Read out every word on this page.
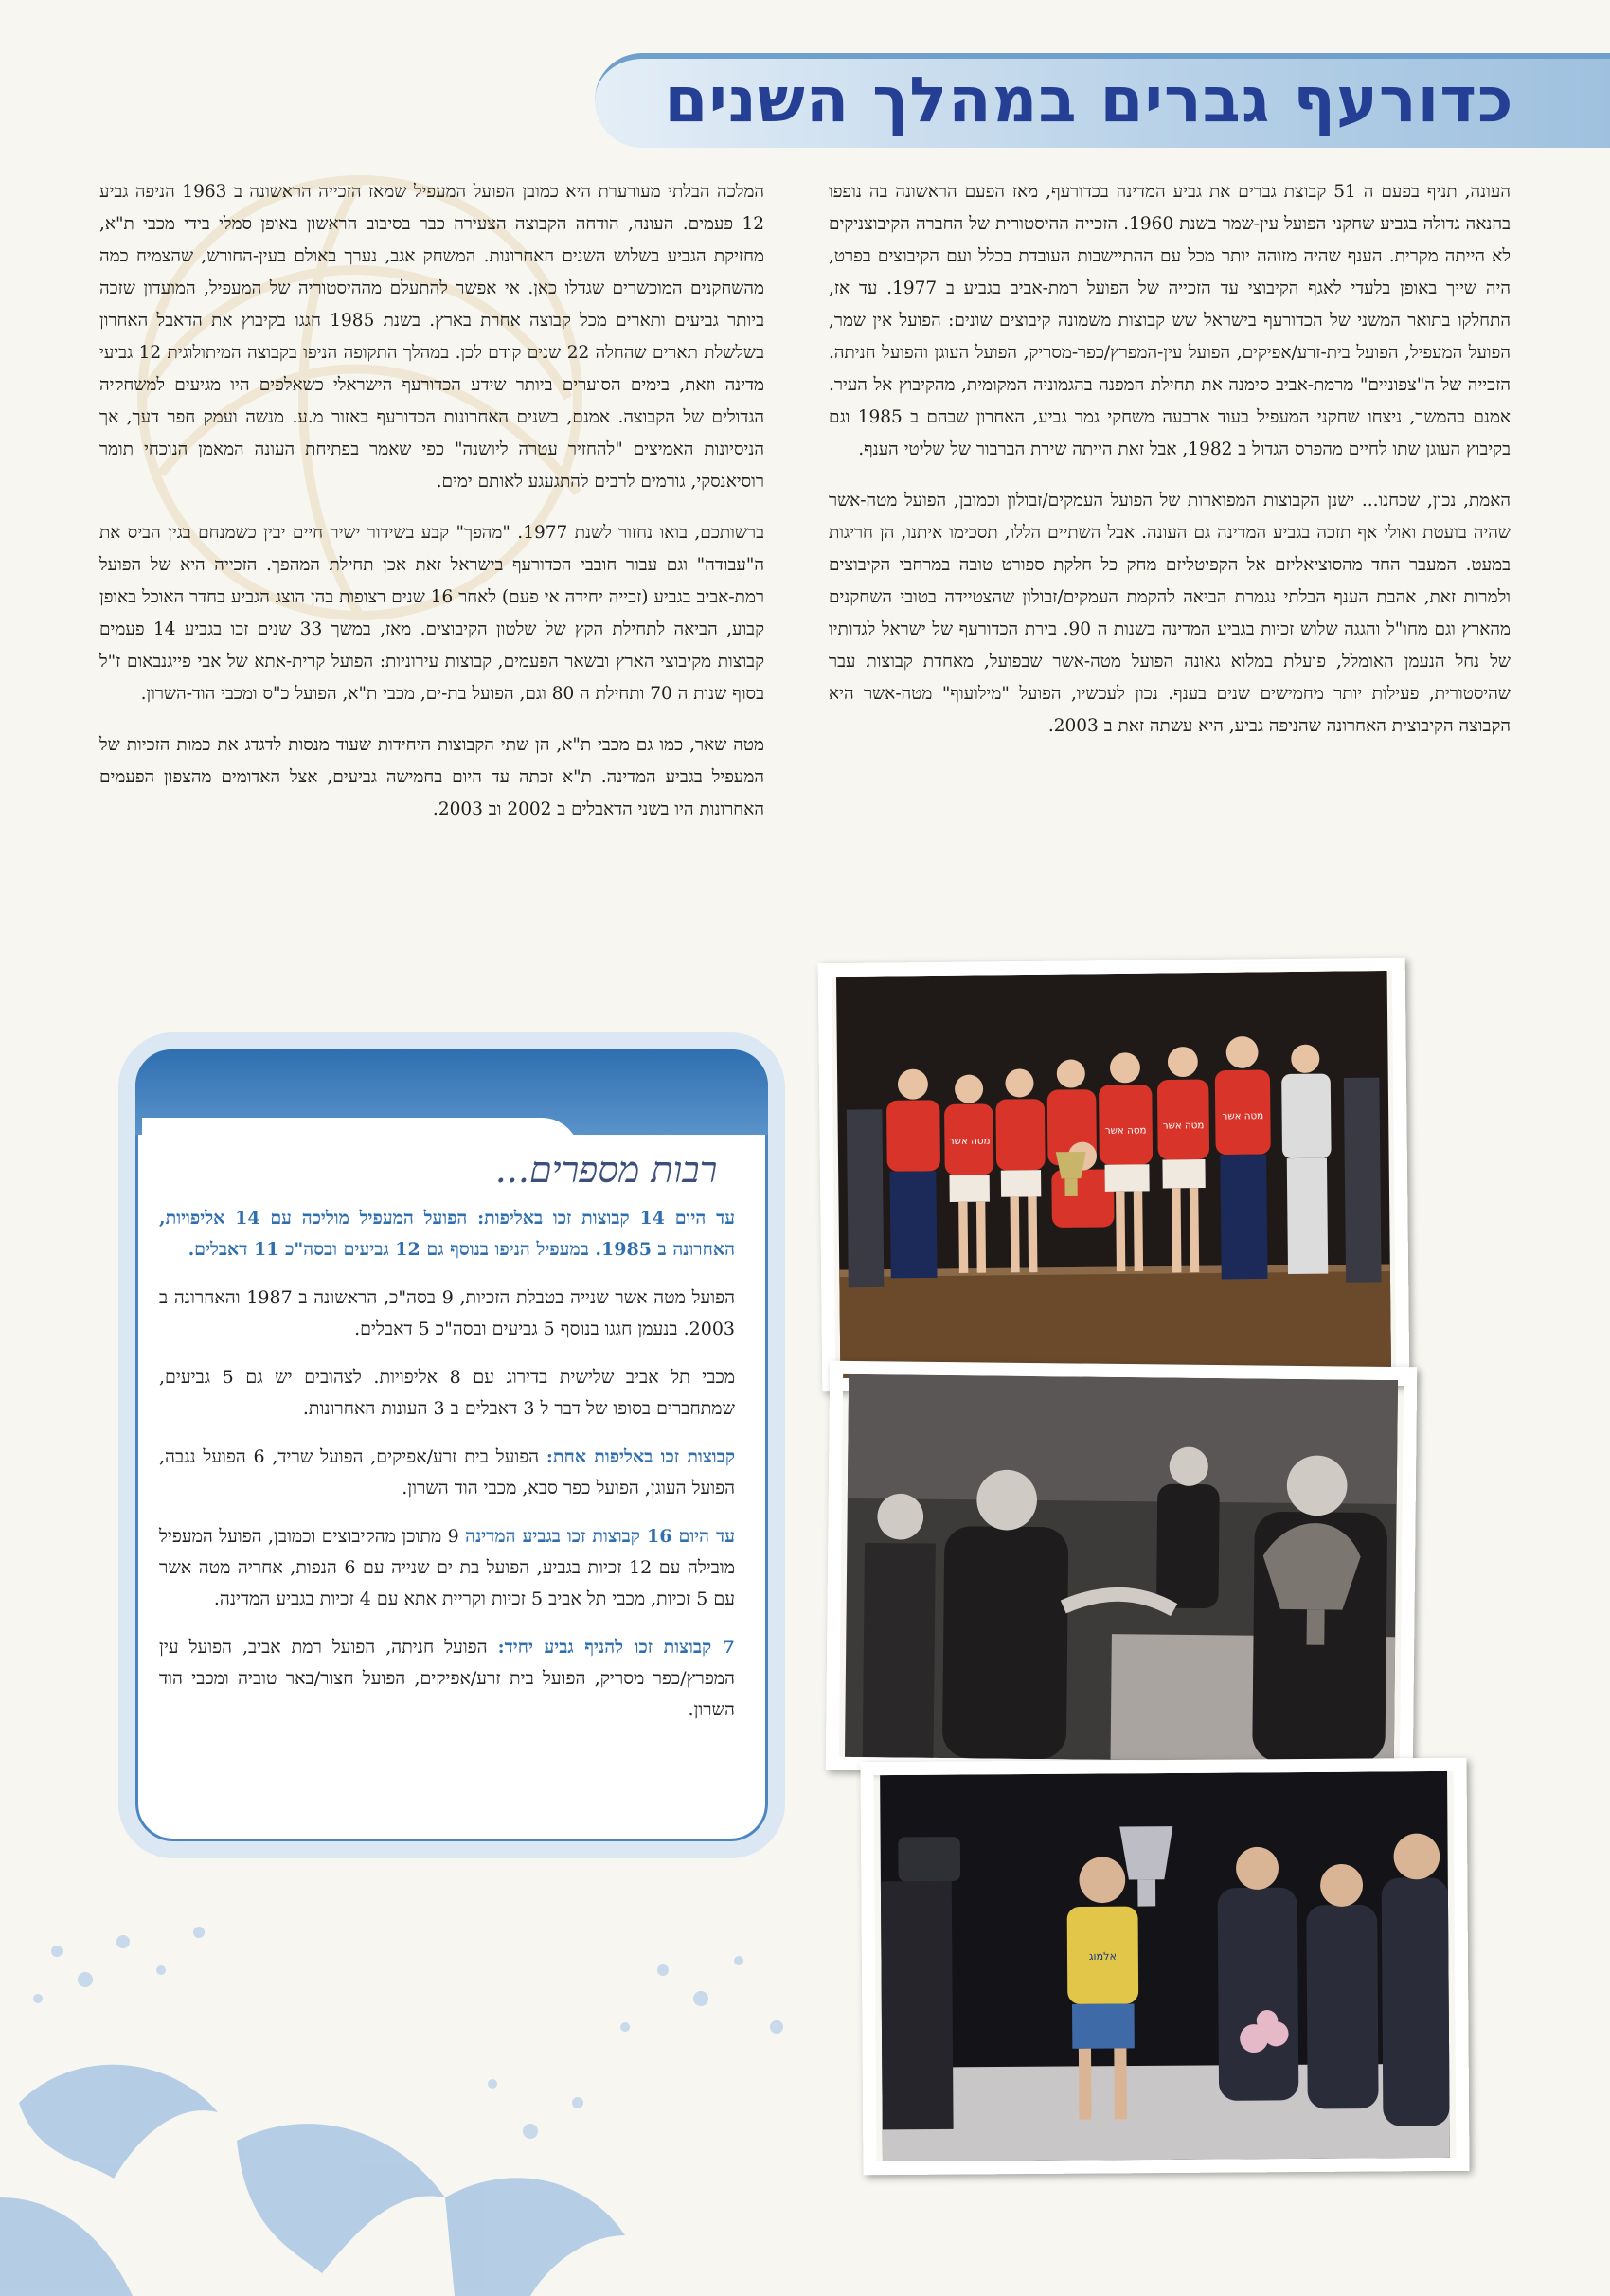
כדורעף גברים במהלך השנים

העונה, תניף בפעם ה 51 קבוצת גברים את גביע המדינה בכדורעף, מאז הפעם הראשונה בה נופפו בהנאה גדולה בגביע שחקני הפועל עין-שמר בשנת 1960. הזכייה ההיסטורית של החברה הקיבוצניקים לא הייתה מקרית. הענף שהיה מזוהה יותר מכל עם ההתיישבות העובדת בכלל ועם הקיבוצים בפרט, היה שייך באופן בלעדי לאגף הקיבוצי עד הזכייה של הפועל רמת-אביב בגביע ב 1977. עד אז, התחלקו בתואר המשני של הכדורעף בישראל שש קבוצות משמונה קיבוצים שונים: הפועל אין שמר, הפועל המעפיל, הפועל בית-זרע/אפיקים, הפועל עין-המפרץ/כפר-מסריק, הפועל העוגן והפועל חניתה. הזכייה של ה"צפוניים" מרמת-אביב סימנה את תחילת המפנה בהגמוניה המקומית, מהקיבוץ אל העיר. אמנם בהמשך, ניצחו שחקני המעפיל בעוד ארבעה משחקי גמר גביע, האחרון שבהם ב 1985 וגם בקיבוץ העוגן שתו לחיים מהפרס הגדול ב 1982, אבל זאת הייתה שירת הברבור של שליטי הענף.

האמת, נכון, שכחנו... ישנן הקבוצות המפוארות של הפועל העמקים/זבולון וכמובן, הפועל מטה-אשר שהיה בועטת ואולי אף תזכה בגביע המדינה גם העונה. אבל השתיים הללו, תסכימו איתנו, הן חריגות במעט. המעבר החד מהסוציאליזם אל הקפיטליזם מחק כל חלקת ספורט טובה במרחבי הקיבוצים ולמרות זאת, אהבת הענף הבלתי נגמרת הביאה להקמת העמקים/זבולון שהצטיידה בטובי השחקנים מהארץ וגם מחו"ל והגגה שלוש זכיות בגביע המדינה בשנות ה 90. בירת הכדורעף של ישראל לגדותיו של נחל הנעמן האומלל, פועלת במלוא גאונה הפועל מטה-אשר שבפועל, מאחדת קבוצות עבר שהיסטורית, פעילות יותר מחמישים שנים בענף. נכון לעכשיו, הפועל "מילועוף" מטה-אשר היא הקבוצה הקיבוצית האחרונה שהניפה גביע, היא עשתה זאת ב 2003.

המלכה הבלתי מעורערת היא כמובן הפועל המעפיל שמאז הזכייה הראשונה ב 1963 הניפה גביע 12 פעמים. העונה, הודחה הקבוצה הצעירה כבר בסיבוב הראשון באופן סמלי בידי מכבי ת"א, מחזיקת הגביע בשלוש השנים האחרונות. המשחק אגב, נערך באולם בעין-החורש, שהצמיח כמה מהשחקנים המוכשרים שגדלו כאן. אי אפשר להתעלם מההיסטוריה של המעפיל, המועדון שזכה ביותר גביעים ותארים מכל קבוצה אחרת בארץ. בשנת 1985 חגגו בקיבוץ את הדאבל האחרון בשלשלת תארים שהחלה 22 שנים קודם לכן. במהלך התקופה הניפו בקבוצה המיתולוגית 12 גביעי מדינה וזאת, בימים הסוערים ביותר שידע הכדורעף הישראלי כשאלפים היו מגיעים למשחקיה הגדולים של הקבוצה. אמנם, בשנים האחרונות הכדורעף באזור מ.ע. מנשה ועמק חפר דעך, אך הניסיונות האמיצים "להחזיר עטרה ליושנה" כפי שאמר בפתיחת העונה המאמן הנוכחי תומר רוסיאנסקי, גורמים לרבים להתגעגע לאותם ימים.

ברשותכם, בואו נחזור לשנת 1977. "מהפך" קבע בשידור ישיר חיים יבין כשמנחם בגין הביס את ה"עבודה" וגם עבור חובבי הכדורעף בישראל זאת אכן תחילת המהפך. הזכייה היא של הפועל רמת-אביב בגביע (זכייה יחידה אי פעם) לאחר 16 שנים רצופות בהן הוצג הגביע בחדר האוכל באופן קבוע, הביאה לתחילת הקץ של שלטון הקיבוצים. מאז, במשך 33 שנים זכו בגביע 14 פעמים קבוצות מקיבוצי הארץ ובשאר הפעמים, קבוצות עירוניות: הפועל קרית-אתא של אבי פייגנבאום ז"ל בסוף שנות ה 70 ותחילת ה 80 וגם, הפועל בת-ים, מכבי ת"א, הפועל כ"ס ומכבי הוד-השרון.

מטה שאר, כמו גם מכבי ת"א, הן שתי הקבוצות היחידות שעוד מנסות לדגדג את כמות הזכיות של המעפיל בגביע המדינה. ת"א זכתה עד היום בחמישה גביעים, אצל האדומים מהצפון הפעמים האחרונות היו בשני הדאבלים ב 2002 וב 2003.

רבות מספרים...

עד היום 14 קבוצות זכו באליפות: הפועל המעפיל מוליכה עם 14 אליפויות, האחרונה ב 1985. במעפיל הניפו בנוסף גם 12 גביעים ובסה"כ 11 דאבלים.

הפועל מטה אשר שנייה בטבלת הזכיות, 9 בסה"כ, הראשונה ב 1987 והאחרונה ב 2003. בנעמן חגגו בנוסף 5 גביעים ובסה"כ 5 דאבלים.

מכבי תל אביב שלישית בדירוג עם 8 אליפויות. לצהובים יש גם 5 גביעים, שמתחברים בסופו של דבר ל 3 דאבלים ב 3 העונות האחרונות.

קבוצות זכו באליפות אחת: הפועל בית זרע/אפיקים, הפועל שריד, 6 הפועל נגבה, הפועל העוגן, הפועל כפר סבא, מכבי הוד השרון.

עד היום 16 קבוצות זכו בגביע המדינה 9 מתוכן מהקיבוצים וכמובן, הפועל המעפיל מובילה עם 12 זכיות בגביע, הפועל בת ים שנייה עם 6 הנפות, אחריה מטה אשר עם 5 זכיות, מכבי תל אביב 5 זכיות וקריית אתא עם 4 זכיות בגביע המדינה.

7 קבוצות זכו להניף גביע יחיד: הפועל חניתה, הפועל רמת אביב, הפועל עין המפרץ/כפר מסריק, הפועל בית זרע/אפיקים, הפועל חצור/באר טוביה ומכבי הוד השרון.

מטה אשר
מטה אשר מטה אשר
מטה אשר
אלמוג
